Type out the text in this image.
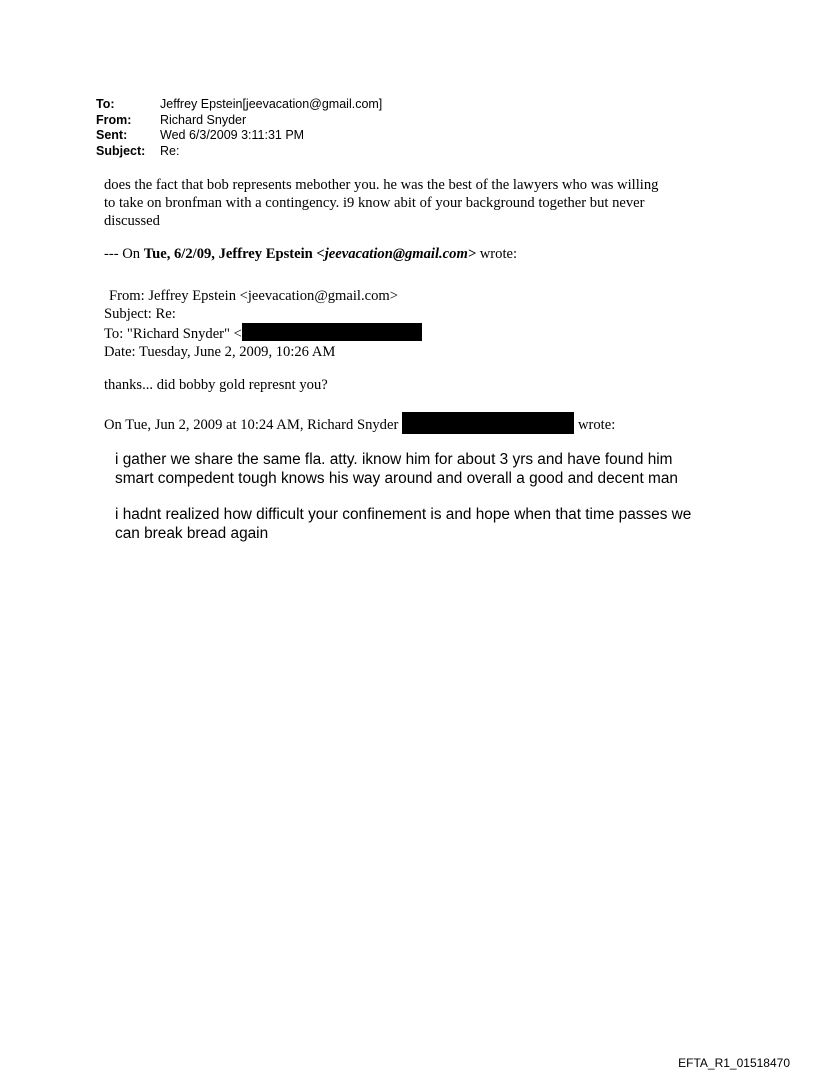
To:	Jeffrey Epstein[jeevacation@gmail.com]
From:	Richard Snyder
Sent:	Wed 6/3/2009 3:11:31 PM
Subject:	Re:
does the fact that bob represents mebother you. he was the best of the lawyers who was willing
to take on bronfman with a contingency. i9 know abit of your background together but never
discussed
--- On Tue, 6/2/09, Jeffrey Epstein <jeevacation@gmail.com> wrote:
From: Jeffrey Epstein <jeevacation@gmail.com>
Subject: Re:
To: "Richard Snyder" <
Date: Tuesday, June 2, 2009, 10:26 AM
thanks... did bobby gold represnt you?
On Tue, Jun 2, 2009 at 10:24 AM, Richard Snyder	wrote:
i gather we share the same fla. atty. iknow him for about 3 yrs and have found him
smart compedent tough knows his way around and overall a good and decent man
i hadnt realized how difficult your confinement is and hope when that time passes we
can break bread again
EFTA_R1_01518470
